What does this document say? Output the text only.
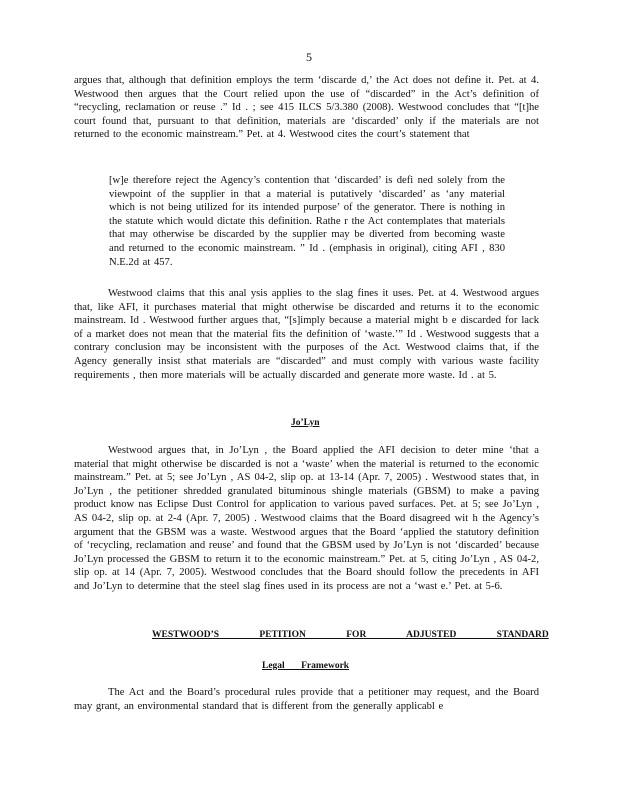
5

argues that, although that definition employs the term ‘discarde d,’ the Act does not define it. Pet. at 4. Westwood then argues that the Court relied upon the use of “discarded” in the Act’s definition of “recycling, reclamation or reuse .” Id . ; see 415 ILCS 5/3.380 (2008). Westwood concludes that “[t]he court found that, pursuant to that definition, materials are ‘discarded’ only if the materials are not returned to the economic mainstream.” Pet. at 4. Westwood cites the court’s statement that

[w]e therefore reject the Agency’s contention that ‘discarded’ is defi ned solely from the viewpoint of the supplier in that a material is putatively ‘discarded’ as ‘any material which is not being utilized for its intended purpose’ of the generator. There is nothing in the statute which would dictate this definition. Rathe r the Act contemplates that materials that may otherwise be discarded by the supplier may be diverted from becoming waste and returned to the economic mainstream. ” Id . (emphasis in original), citing AFI , 830 N.E.2d at 457.

Westwood claims that this anal ysis applies to the slag fines it uses. Pet. at 4. Westwood argues that, like AFI, it purchases material that might otherwise be discarded and returns it to the economic mainstream. Id . Westwood further argues that, “[s]imply because a material might b e discarded for lack of a market does not mean that the material fits the definition of ‘waste.’” Id . Westwood suggests that a contrary conclusion may be inconsistent with the purposes of the Act. Westwood claims that, if the Agency generally insist sthat materials are “discarded” and must comply with various waste facility requirements , then more materials will be actually discarded and generate more waste. Id . at 5.

Jo’Lyn

Westwood argues that, in Jo’Lyn , the Board applied the AFI decision to deter mine ‘that a material that might otherwise be discarded is not a ‘waste’ when the material is returned to the economic mainstream.” Pet. at 5; see Jo’Lyn , AS 04-2, slip op. at 13-14 (Apr. 7, 2005) . Westwood states that, in Jo’Lyn , the petitioner shredded granulated bituminous shingle materials (GBSM) to make a paving product know nas Eclipse Dust Control for application to various paved surfaces. Pet. at 5; see Jo’Lyn , AS 04-2, slip op. at 2-4 (Apr. 7, 2005) . Westwood claims that the Board disagreed wit h the Agency’s argument that the GBSM was a waste. Westwood argues that the Board ‘applied the statutory definition of ‘recycling, reclamation and reuse’ and found that the GBSM used by Jo’Lyn is not ‘discarded’ because Jo’Lyn processed the GBSM to return it to the economic mainstream.” Pet. at 5, citing Jo’Lyn , AS 04-2, slip op. at 14 (Apr. 7, 2005). Westwood concludes that the Board should follow the precedents in AFI and Jo’Lyn to determine that the steel slag fines used in its process are not a ‘wast e.’ Pet. at 5-6.

WESTWOOD’S PETITION FOR ADJUSTED STANDARD
Legal Framework

The Act and the Board’s procedural rules provide that a petitioner may request, and the Board may grant, an environmental standard that is different from the generally applicabl e
